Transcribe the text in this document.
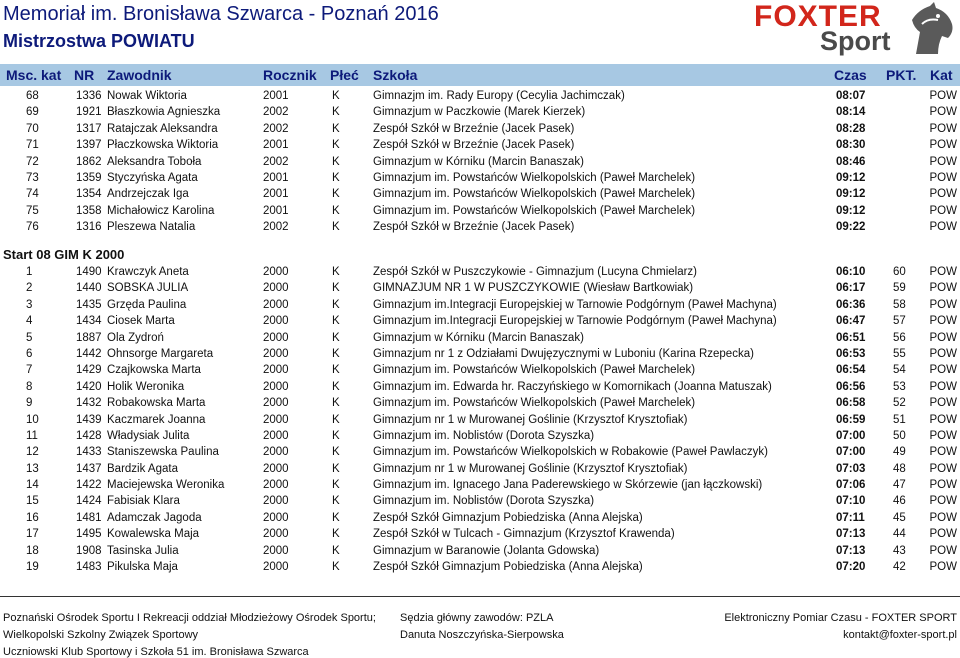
Memoriał im. Bronisława Szwarca - Poznań 2016
Mistrzostwa POWIATU
FOXTER
Sport
Msc. kat NR Zawodnik	Rocznik Płeć Szkoła	Czas PKT. Kat
68	1336 Nowak Wiktoria	2001	K	Gimnazjm im. Rady Europy (Cecylia Jachimczak)	08:07	POW
69	1921 Błaszkowia Agnieszka	2002	K	Gimnazjum w Paczkowie (Marek Kierzek)	08:14	POW
70	1317 Ratajczak Aleksandra	2002	K	Zespół Szkół w Brzeźnie (Jacek Pasek)	08:28	POW
71	1397 Płaczkowska Wiktoria	2001	K	Zespół Szkół w Brzeźnie (Jacek Pasek)	08:30	POW
72	1862 Aleksandra Toboła	2002	K	Gimnazjum w Kórniku (Marcin Banaszak)	08:46	POW
73	1359 Styczyńska Agata	2001	K	Gimnazjum im. Powstańców Wielkopolskich (Paweł Marchelek)	09:12	POW
74	1354 Andrzejczak Iga	2001	K	Gimnazjum im. Powstańców Wielkopolskich (Paweł Marchelek)	09:12	POW
75	1358 Michałowicz Karolina	2001	K	Gimnazjum im. Powstańców Wielkopolskich (Paweł Marchelek)	09:12	POW
76	1316 Pleszewa Natalia	2002	K	Zespół Szkół w Brzeźnie (Jacek Pasek)	09:22	POW
Start 08 GIM K 2000
1	1490 Krawczyk Aneta	2000	K	Zespół Szkół w Puszczykowie - Gimnazjum (Lucyna Chmielarz)	06:10 60 POW
2	1440 SOBSKA JULIA	2000	K	GIMNAZJUM NR 1 W PUSZCZYKOWIE (Wiesław Bartkowiak)	06:17 59 POW
3	1435 Grzęda Paulina	2000	K	Gimnazjum im.Integracji Europejskiej w Tarnowie Podgórnym (Paweł Machyna)	06:36 58 POW
4	1434 Ciosek Marta	2000	K	Gimnazjum im.Integracji Europejskiej w Tarnowie Podgórnym (Paweł Machyna)	06:47 57 POW
5	1887 Ola Zydroń	2000	K	Gimnazjum w Kórniku (Marcin Banaszak)	06:51 56 POW
6	1442 Ohnsorge Margareta	2000	K	Gimnazjum nr 1 z Odziałami Dwujęzycznymi w Luboniu (Karina Rzepecka)	06:53 55 POW
7	1429 Czajkowska Marta	2000	K	Gimnazjum im. Powstańców Wielkopolskich (Paweł Marchelek)	06:54 54 POW
8	1420 Holik Weronika	2000	K	Gimnazjum im. Edwarda hr. Raczyńskiego w Komornikach (Joanna Matuszak)	06:56 53 POW
9	1432 Robakowska Marta	2000	K	Gimnazjum im. Powstańców Wielkopolskich (Paweł Marchelek)	06:58 52 POW
10	1439 Kaczmarek Joanna	2000	K	Gimnazjum nr 1 w Murowanej Goślinie (Krzysztof Krysztofiak)	06:59 51 POW
11	1428 Władysiak Julita	2000	K	Gimnazjum im. Noblistów (Dorota Szyszka)	07:00 50 POW
12	1433 Staniszewska Paulina	2000	K	Gimnazjum im. Powstańców Wielkopolskich w Robakowie (Paweł Pawlaczyk)	07:00 49 POW
13	1437 Bardzik Agata	2000	K	Gimnazjum nr 1 w Murowanej Goślinie (Krzysztof Krysztofiak)	07:03 48 POW
14	1422 Maciejewska Weronika	2000	K	Gimnazjum im. Ignacego Jana Paderewskiego w Skórzewie (jan łączkowski)	07:06 47 POW
15	1424 Fabisiak Klara	2000	K	Gimnazjum im. Noblistów (Dorota Szyszka)	07:10 46 POW
16	1481 Adamczak Jagoda	2000	K	Zespół Szkół Gimnazjum Pobiedziska (Anna Alejska)	07:11 45 POW
17	1495 Kowalewska Maja	2000	K	Zespół Szkół w Tulcach - Gimnazjum (Krzysztof Krawenda)	07:13 44 POW
18	1908 Tasinska Julia	2000	K	Gimnazjum w Baranowie (Jolanta Gdowska)	07:13 43 POW
19	1483 Pikulska Maja	2000	K	Zespół Szkół Gimnazjum Pobiedziska (Anna Alejska)	07:20 42 POW
Poznański Ośrodek Sportu I Rekreacji oddział Młodzieżowy Ośrodek Sportu;
Wielkopolski Szkolny Związek Sportowy
Uczniowski Klub Sportowy i Szkoła 51 im. Bronisława Szwarca
Sędzia główny zawodów: PZLA
Danuta Noszczyńska-Sierpowska
Elektroniczny Pomiar Czasu - FOXTER SPORT
kontakt@foxter-sport.pl
